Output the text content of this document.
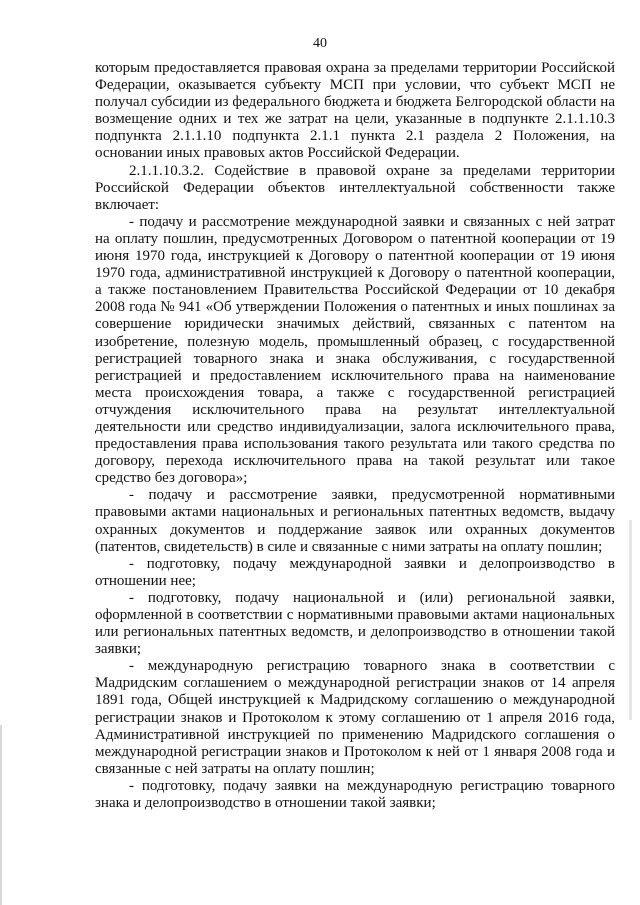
40

которым предоставляется правовая охрана за пределами территории Российской Федерации, оказывается субъекту МСП при условии, что субъект МСП не получал субсидии из федерального бюджета и бюджета Белгородской области на возмещение одних и тех же затрат на цели, указанные в подпункте 2.1.1.10.3 подпункта 2.1.1.10 подпункта 2.1.1 пункта 2.1 раздела 2 Положения, на основании иных правовых актов Российской Федерации.

2.1.1.10.3.2. Содействие в правовой охране за пределами территории Российской Федерации объектов интеллектуальной собственности также включает:

- подачу и рассмотрение международной заявки и связанных с ней затрат на оплату пошлин, предусмотренных Договором о патентной кооперации от 19 июня 1970 года, инструкцией к Договору о патентной кооперации от 19 июня 1970 года, административной инструкцией к Договору о патентной кооперации, а также постановлением Правительства Российской Федерации от 10 декабря 2008 года № 941 «Об утверждении Положения о патентных и иных пошлинах за совершение юридически значимых действий, связанных с патентом на изобретение, полезную модель, промышленный образец, с государственной регистрацией товарного знака и знака обслуживания, с государственной регистрацией и предоставлением исключительного права на наименование места происхождения товара, а также с государственной регистрацией отчуждения исключительного права на результат интеллектуальной деятельности или средство индивидуализации, залога исключительного права, предоставления права использования такого результата или такого средства по договору, перехода исключительного права на такой результат или такое средство без договора»;

- подачу и рассмотрение заявки, предусмотренной нормативными правовыми актами национальных и региональных патентных ведомств, выдачу охранных документов и поддержание заявок или охранных документов (патентов, свидетельств) в силе и связанные с ними затраты на оплату пошлин;

- подготовку, подачу международной заявки и делопроизводство в отношении нее;

- подготовку, подачу национальной и (или) региональной заявки, оформленной в соответствии с нормативными правовыми актами национальных или региональных патентных ведомств, и делопроизводство в отношении такой заявки;

- международную регистрацию товарного знака в соответствии с Мадридским соглашением о международной регистрации знаков от 14 апреля 1891 года, Общей инструкцией к Мадридскому соглашению о международной регистрации знаков и Протоколом к этому соглашению от 1 апреля 2016 года, Административной инструкцией по применению Мадридского соглашения о международной регистрации знаков и Протоколом к ней от 1 января 2008 года и связанные с ней затраты на оплату пошлин;

- подготовку, подачу заявки на международную регистрацию товарного знака и делопроизводство в отношении такой заявки;
